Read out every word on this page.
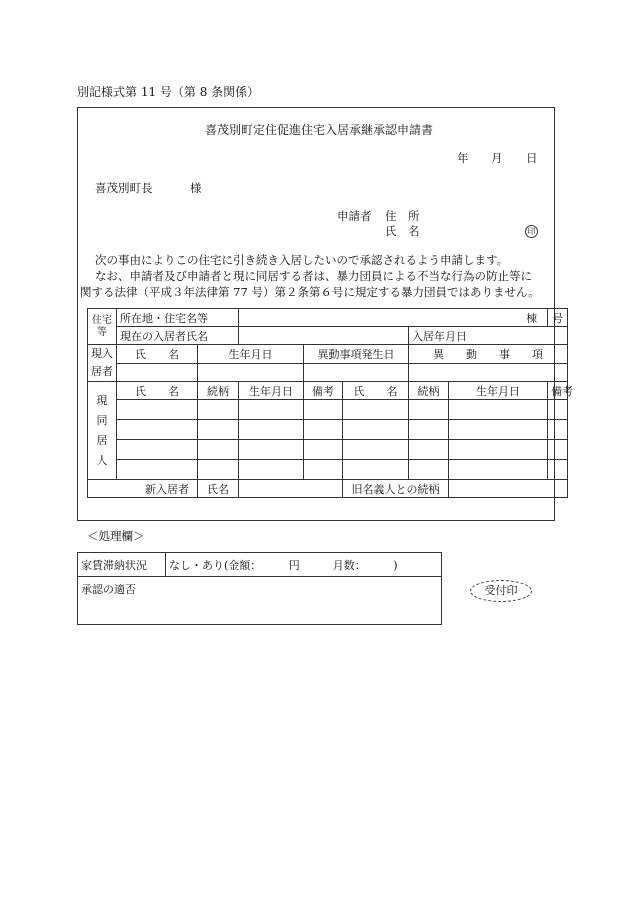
別記様式第 11 号（第 8 条関係）
喜茂別町定住促進住宅入居承継承認申請書
年 月 日
喜茂別町長	様
申請者 住　所
氏　名	印
次の事由によりこの住宅に引き続き入居したいので承認されるよう申請します。
なお、申請者及び申請者と現に同居する者は、暴力団員による不当な行為の防止等に
関する法律（平成３年法律第 77 号）第２条第６号に規定する暴力団員ではありません。
住宅等	所在地・住宅名等		棟					号
	現在の入居者氏名					入居年月日		
現入居者	氏　　名	生年月日		異動事項発生日		異　　動　　事　　項		

現同居人	氏　　名	続柄	生年月日	備考	氏　　名	続柄	生年月日	備考

新入居者		氏名			旧名義人との続柄			
＜処理欄＞
家賃滞納状況	なし・あり(金額：　　　円　　　月数：　　　)
承認の適否	受付印
